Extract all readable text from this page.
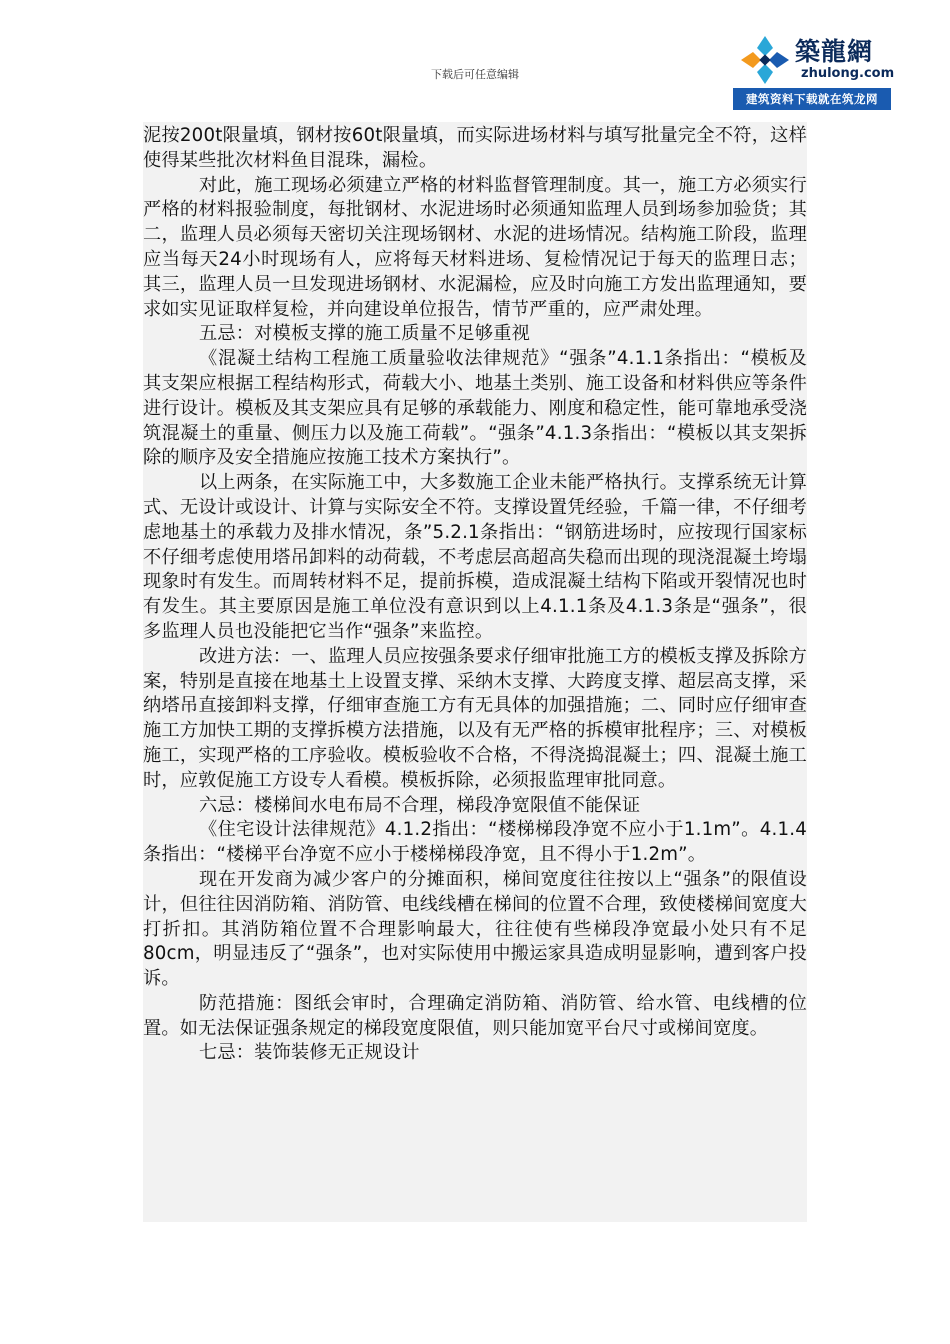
下载后可任意编辑
築龍網
zhulong.com
建筑资料下载就在筑龙网

泥按200t限量填，钢材按60t限量填，而实际进场材料与填写批量完全不符，这样使得某些批次材料鱼目混珠，漏检。

对此，施工现场必须建立严格的材料监督管理制度。其一，施工方必须实行严格的材料报验制度，每批钢材、水泥进场时必须通知监理人员到场参加验货；其二，监理人员必须每天密切关注现场钢材、水泥的进场情况。结构施工阶段，监理应当每天24小时现场有人，应将每天材料进场、复检情况记于每天的监理日志；其三，监理人员一旦发现进场钢材、水泥漏检，应及时向施工方发出监理通知，要求如实见证取样复检，并向建设单位报告，情节严重的，应严肃处理。

五忌：对模板支撑的施工质量不足够重视

《混凝土结构工程施工质量验收法律规范》“强条”4.1.1条指出：“模板及其支架应根据工程结构形式，荷载大小、地基土类别、施工设备和材料供应等条件进行设计。模板及其支架应具有足够的承载能力、刚度和稳定性，能可靠地承受浇筑混凝土的重量、侧压力以及施工荷载”。“强条”4.1.3条指出：“模板以其支架拆除的顺序及安全措施应按施工技术方案执行”。

以上两条，在实际施工中，大多数施工企业未能严格执行。支撑系统无计算式、无设计或设计、计算与实际安全不符。支撑设置凭经验，千篇一律，不仔细考虑地基土的承载力及排水情况，条”5.2.1条指出：“钢筋进场时，应按现行国家标不仔细考虑使用塔吊卸料的动荷载，不考虑层高超高失稳而出现的现浇混凝土垮塌现象时有发生。而周转材料不足，提前拆模，造成混凝土结构下陷或开裂情况也时有发生。其主要原因是施工单位没有意识到以上4.1.1条及4.1.3条是“强条”，很多监理人员也没能把它当作“强条”来监控。

改进方法：一、监理人员应按强条要求仔细审批施工方的模板支撑及拆除方案，特别是直接在地基土上设置支撑、采纳木支撑、大跨度支撑、超层高支撑，采纳塔吊直接卸料支撑，仔细审查施工方有无具体的加强措施；二、同时应仔细审查施工方加快工期的支撑拆模方法措施，以及有无严格的拆模审批程序；三、对模板施工，实现严格的工序验收。模板验收不合格，不得浇捣混凝土；四、混凝土施工时，应敦促施工方设专人看模。模板拆除，必须报监理审批同意。

六忌：楼梯间水电布局不合理，梯段净宽限值不能保证

《住宅设计法律规范》4.1.2指出：“楼梯梯段净宽不应小于1.1m”。4.1.4条指出：“楼梯平台净宽不应小于楼梯梯段净宽，且不得小于1.2m”。

现在开发商为减少客户的分摊面积，梯间宽度往往按以上“强条”的限值设计，但往往因消防箱、消防管、电线线槽在梯间的位置不合理，致使楼梯间宽度大打折扣。其消防箱位置不合理影响最大，往往使有些梯段净宽最小处只有不足80cm，明显违反了“强条”，也对实际使用中搬运家具造成明显影响，遭到客户投诉。

防范措施：图纸会审时，合理确定消防箱、消防管、给水管、电线槽的位置。如无法保证强条规定的梯段宽度限值，则只能加宽平台尺寸或梯间宽度。

七忌：装饰装修无正规设计
